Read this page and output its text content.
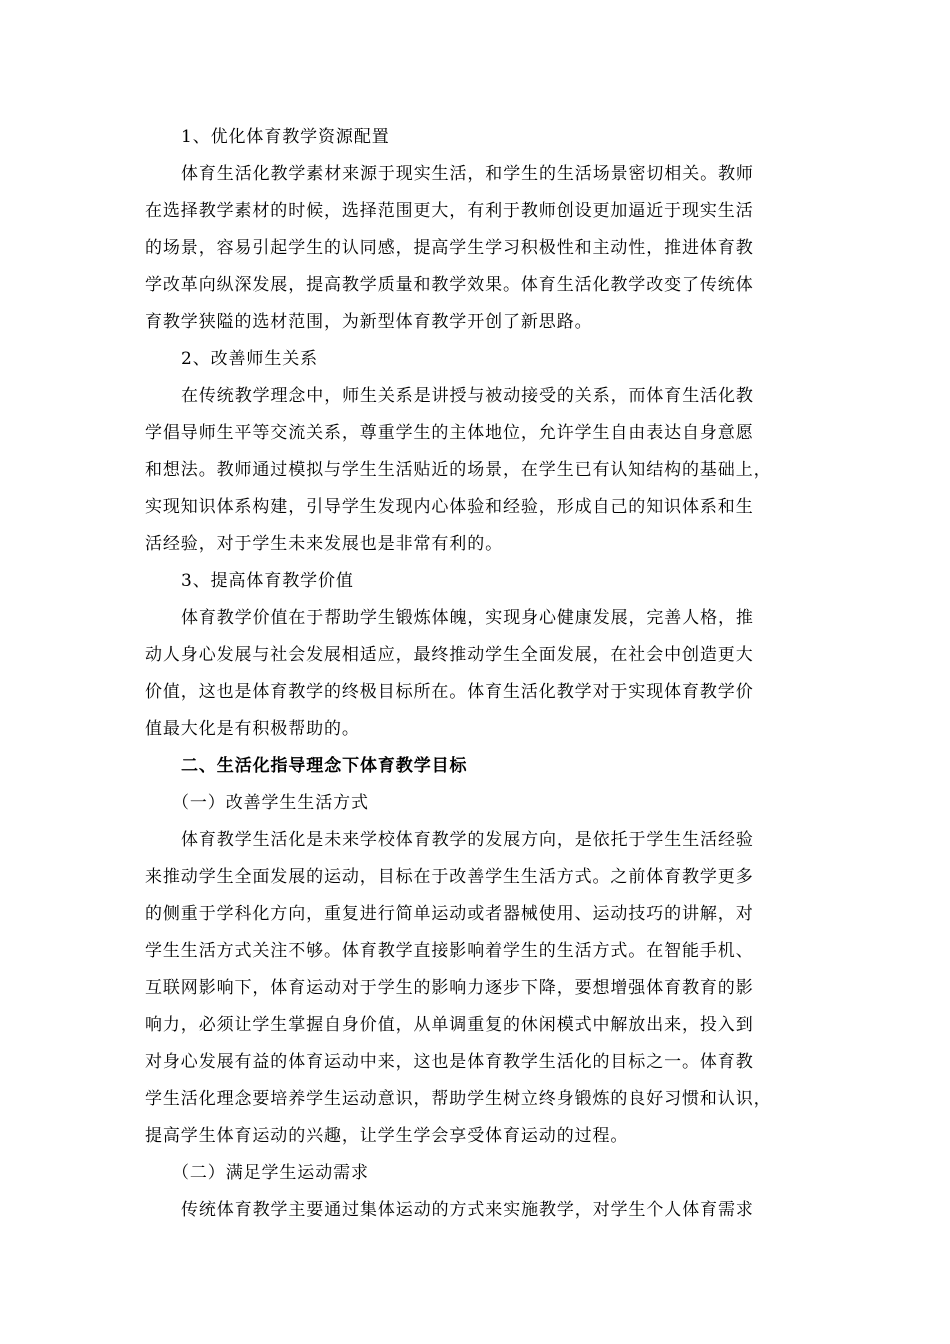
1、优化体育教学资源配置
体育生活化教学素材来源于现实生活，和学生的生活场景密切相关。教师
在选择教学素材的时候，选择范围更大，有利于教师创设更加逼近于现实生活
的场景，容易引起学生的认同感，提高学生学习积极性和主动性，推进体育教
学改革向纵深发展，提高教学质量和教学效果。体育生活化教学改变了传统体
育教学狭隘的选材范围，为新型体育教学开创了新思路。
2、改善师生关系
在传统教学理念中，师生关系是讲授与被动接受的关系，而体育生活化教
学倡导师生平等交流关系，尊重学生的主体地位，允许学生自由表达自身意愿
和想法。教师通过模拟与学生生活贴近的场景，在学生已有认知结构的基础上，
实现知识体系构建，引导学生发现内心体验和经验，形成自己的知识体系和生
活经验，对于学生未来发展也是非常有利的。
3、提高体育教学价值
体育教学价值在于帮助学生锻炼体魄，实现身心健康发展，完善人格，推
动人身心发展与社会发展相适应，最终推动学生全面发展，在社会中创造更大
价值，这也是体育教学的终极目标所在。体育生活化教学对于实现体育教学价
值最大化是有积极帮助的。
二、生活化指导理念下体育教学目标
（一）改善学生生活方式
体育教学生活化是未来学校体育教学的发展方向，是依托于学生生活经验
来推动学生全面发展的运动，目标在于改善学生生活方式。之前体育教学更多
的侧重于学科化方向，重复进行简单运动或者器械使用、运动技巧的讲解，对
学生生活方式关注不够。体育教学直接影响着学生的生活方式。在智能手机、
互联网影响下，体育运动对于学生的影响力逐步下降，要想增强体育教育的影
响力，必须让学生掌握自身价值，从单调重复的休闲模式中解放出来，投入到
对身心发展有益的体育运动中来，这也是体育教学生活化的目标之一。体育教
学生活化理念要培养学生运动意识，帮助学生树立终身锻炼的良好习惯和认识，
提高学生体育运动的兴趣，让学生学会享受体育运动的过程。
（二）满足学生运动需求
传统体育教学主要通过集体运动的方式来实施教学，对学生个人体育需求
